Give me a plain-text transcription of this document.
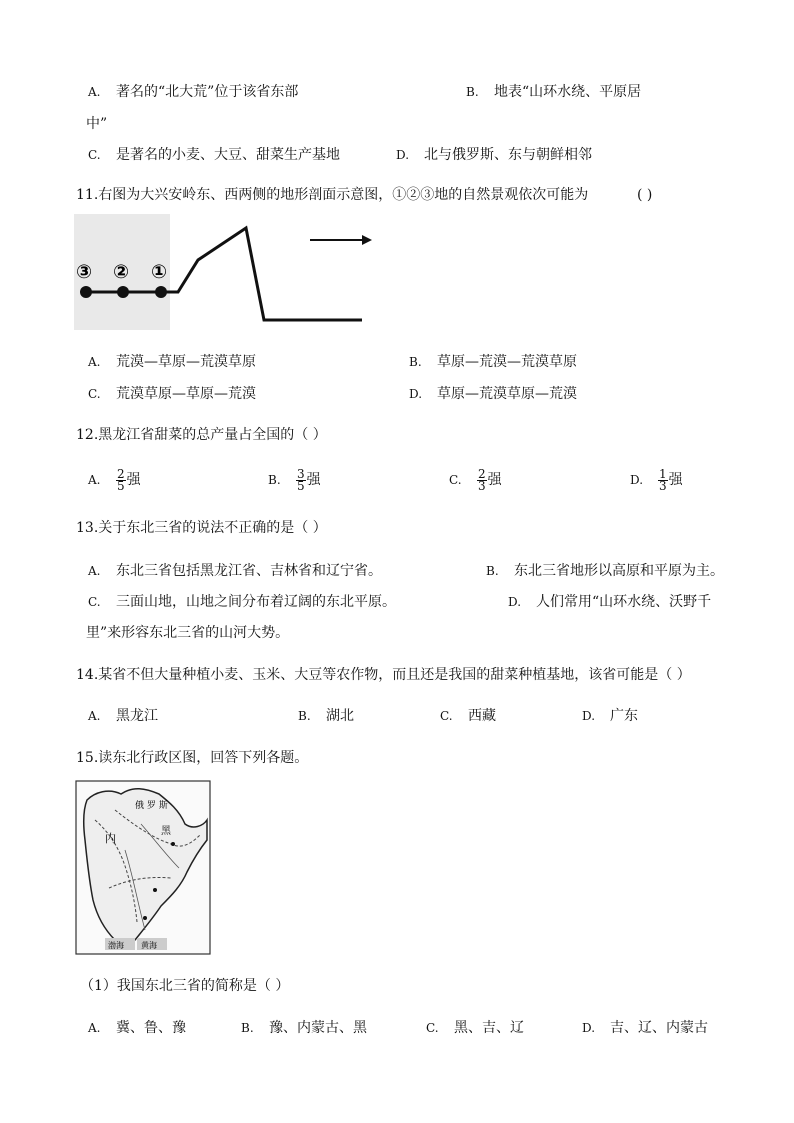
A. 著名的“北大荒”位于该省东部	B. 地表“山环水绕、平原居
中”
C. 是著名的小麦、大豆、甜菜生产基地	D. 北与俄罗斯、东与朝鲜相邻
11.右图为大兴安岭东、西两侧的地形剖面示意图，①②③地的自然景观依次可能为	( )
③ ② ①
A. 荒漠—草原—荒漠草原	B. 草原—荒漠—荒漠草原
C. 荒漠草原—草原—荒漠	D. 草原—荒漠草原—荒漠
12.黑龙江省甜菜的总产量占全国的（ ）
A. $\frac{2}{5}$ 强	B. $\frac{3}{5}$ 强	C. $\frac{2}{3}$ 强	D. $\frac{1}{3}$ 强
13.关于东北三省的说法不正确的是（ ）
A. 东北三省包括黑龙江省、吉林省和辽宁省。	B. 东北三省地形以高原和平原为主。
C. 三面山地，山地之间分布着辽阔的东北平原。	D. 人们常用“山环水绕、沃野千
里”来形容东北三省的山河大势。
14.某省不但大量种植小麦、玉米、大豆等农作物，而且还是我国的甜菜种植基地，该省可能是（ ）
A. 黑龙江	B. 湖北	C. 西藏	D. 广东
15.读东北行政区图，回答下列各题。
俄 罗 斯
内
黑
渤海 黄海
（1）我国东北三省的简称是（ ）
A. 冀、鲁、豫	B. 豫、内蒙古、黑	C. 黑、吉、辽	D. 吉、辽、内蒙古
